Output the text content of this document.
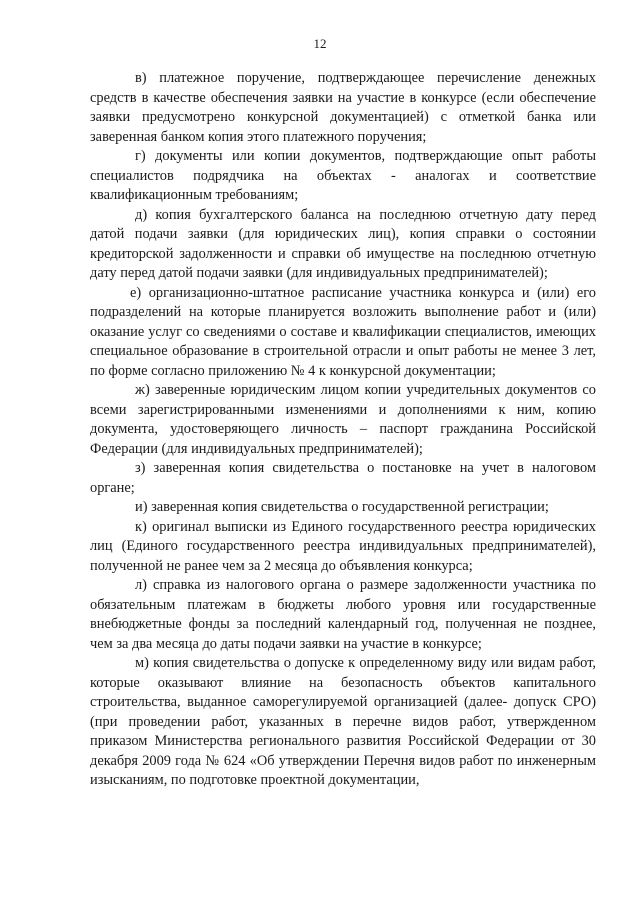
12

в) платежное поручение, подтверждающее перечисление денежных средств в качестве обеспечения заявки на участие в конкурсе (если обеспечение заявки предусмотрено конкурсной документацией) с отметкой банка или заверенная банком копия этого платежного поручения;

г) документы или копии документов, подтверждающие опыт работы специалистов подрядчика на объектах - аналогах и соответствие квалификационным требованиям;

д) копия бухгалтерского баланса на последнюю отчетную дату перед датой подачи заявки (для юридических лиц), копия справки о состоянии кредиторской задолженности и справки об имуществе на последнюю отчетную дату перед датой подачи заявки (для индивидуальных предпринимателей);

е) организационно-штатное расписание участника конкурса и (или) его подразделений на которые планируется возложить выполнение работ и (или) оказание услуг со сведениями о составе и квалификации специалистов, имеющих специальное образование в строительной отрасли и опыт работы не менее 3 лет, по форме согласно приложению № 4 к конкурсной документации;

ж) заверенные юридическим лицом копии учредительных документов со всеми зарегистрированными изменениями и дополнениями к ним, копию документа, удостоверяющего личность – паспорт гражданина Российской Федерации (для индивидуальных предпринимателей);

з) заверенная копия свидетельства о постановке на учет в налоговом органе;

и) заверенная копия свидетельства о государственной регистрации;

к) оригинал выписки из Единого государственного реестра юридических лиц (Единого государственного реестра индивидуальных предпринимателей), полученной не ранее чем за 2 месяца до объявления конкурса;

л) справка из налогового органа о размере задолженности участника по обязательным платежам в бюджеты любого уровня или государственные внебюджетные фонды за последний календарный год, полученная не позднее, чем за два месяца до даты подачи заявки на участие в конкурсе;

м) копия свидетельства о допуске к определенному виду или видам работ, которые оказывают влияние на безопасность объектов капитального строительства, выданное саморегулируемой организацией (далее- допуск СРО) (при проведении работ, указанных в перечне видов работ, утвержденном приказом Министерства регионального развития Российской Федерации от 30 декабря 2009 года № 624 «Об утверждении Перечня видов работ по инженерным изысканиям, по подготовке проектной документации,
